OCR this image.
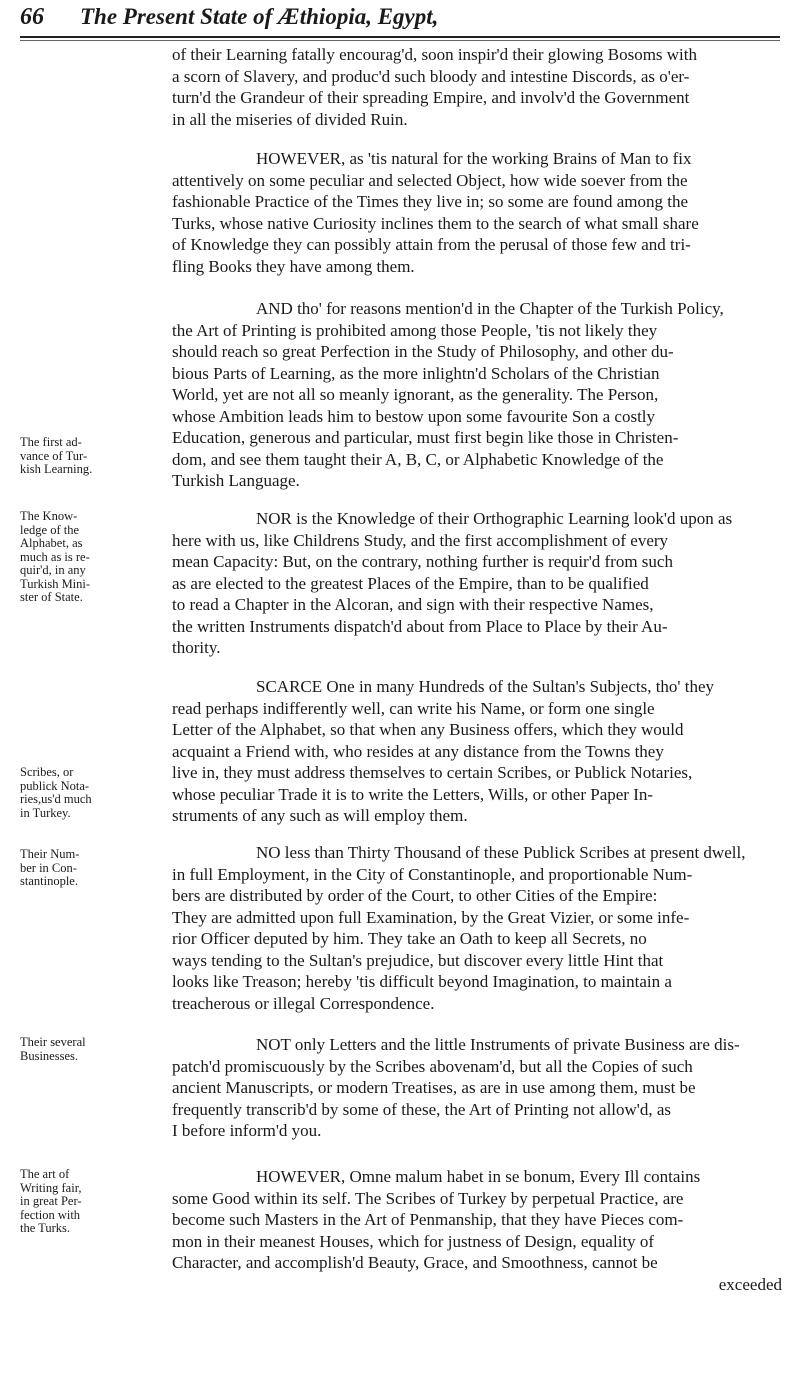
66 The Present State of Æthiopia, Egypt,
of their Learning fatally encourag'd, soon inspir'd their glowing Bosoms with
a scorn of Slavery, and produc'd such bloody and intestine Discords, as o'er-
turn'd the Grandeur of their spreading Empire, and involv'd the Government
in all the miseries of divided Ruin.
HOWEVER, as 'tis natural for the working Brains of Man to fix
attentively on some peculiar and selected Object, how wide soever from the
fashionable Practice of the Times they live in; so some are found among the
Turks, whose native Curiosity inclines them to the search of what small share
of Knowledge they can possibly attain from the perusal of those few and tri-
fling Books they have among them.
AND tho' for reasons mention'd in the Chapter of the Turkish Policy,
the Art of Printing is prohibited among those People, 'tis not likely they
should reach so great Perfection in the Study of Philosophy, and other du-
bious Parts of Learning, as the more inlightn'd Scholars of the Christian
World, yet are not all so meanly ignorant, as the generality. The Person,
whose Ambition leads him to bestow upon some favourite Son a costly
Education, generous and particular, must first begin like those in Christen-
dom, and see them taught their A, B, C, or Alphabetic Knowledge of the
Turkish Language.
The first ad-
vance of Tur-
kish Learning.
NOR is the Knowledge of their Orthographic Learning look'd upon as
here with us, like Childrens Study, and the first accomplishment of every
mean Capacity: But, on the contrary, nothing further is requir'd from such
as are elected to the greatest Places of the Empire, than to be qualified
to read a Chapter in the Alcoran, and sign with their respective Names,
the written Instruments dispatch'd about from Place to Place by their Au-
thority.
The Know-
ledge of the
Alphabet, as
much as is re-
quir'd, in any
Turkish Mini-
ster of State.
SCARCE One in many Hundreds of the Sultan's Subjects, tho' they
read perhaps indifferently well, can write his Name, or form one single
Letter of the Alphabet, so that when any Business offers, which they would
acquaint a Friend with, who resides at any distance from the Towns they
live in, they must address themselves to certain Scribes, or Publick Notaries,
whose peculiar Trade it is to write the Letters, Wills, or other Paper In-
struments of any such as will employ them.
Scribes, or
publick Nota-
ries,us'd much
in Turkey.
NO less than Thirty Thousand of these Publick Scribes at present dwell,
in full Employment, in the City of Constantinople, and proportionable Num-
bers are distributed by order of the Court, to other Cities of the Empire:
They are admitted upon full Examination, by the Great Vizier, or some infe-
rior Officer deputed by him. They take an Oath to keep all Secrets, no
ways tending to the Sultan's prejudice, but discover every little Hint that
looks like Treason; hereby 'tis difficult beyond Imagination, to maintain a
treacherous or illegal Correspondence.
Their Num-
ber in Con-
stantinople.
NOT only Letters and the little Instruments of private Business are dis-
patch'd promiscuously by the Scribes abovenam'd, but all the Copies of such
ancient Manuscripts, or modern Treatises, as are in use among them, must be
frequently transcrib'd by some of these, the Art of Printing not allow'd, as
I before inform'd you.
Their several
Businesses.
HOWEVER, Omne malum habet in se bonum, Every Ill contains
some Good within its self. The Scribes of Turkey by perpetual Practice, are
become such Masters in the Art of Penmanship, that they have Pieces com-
mon in their meanest Houses, which for justness of Design, equality of
Character, and accomplish'd Beauty, Grace, and Smoothness, cannot be
exceeded
The art of
Writing fair,
in great Per-
fection with
the Turks.
